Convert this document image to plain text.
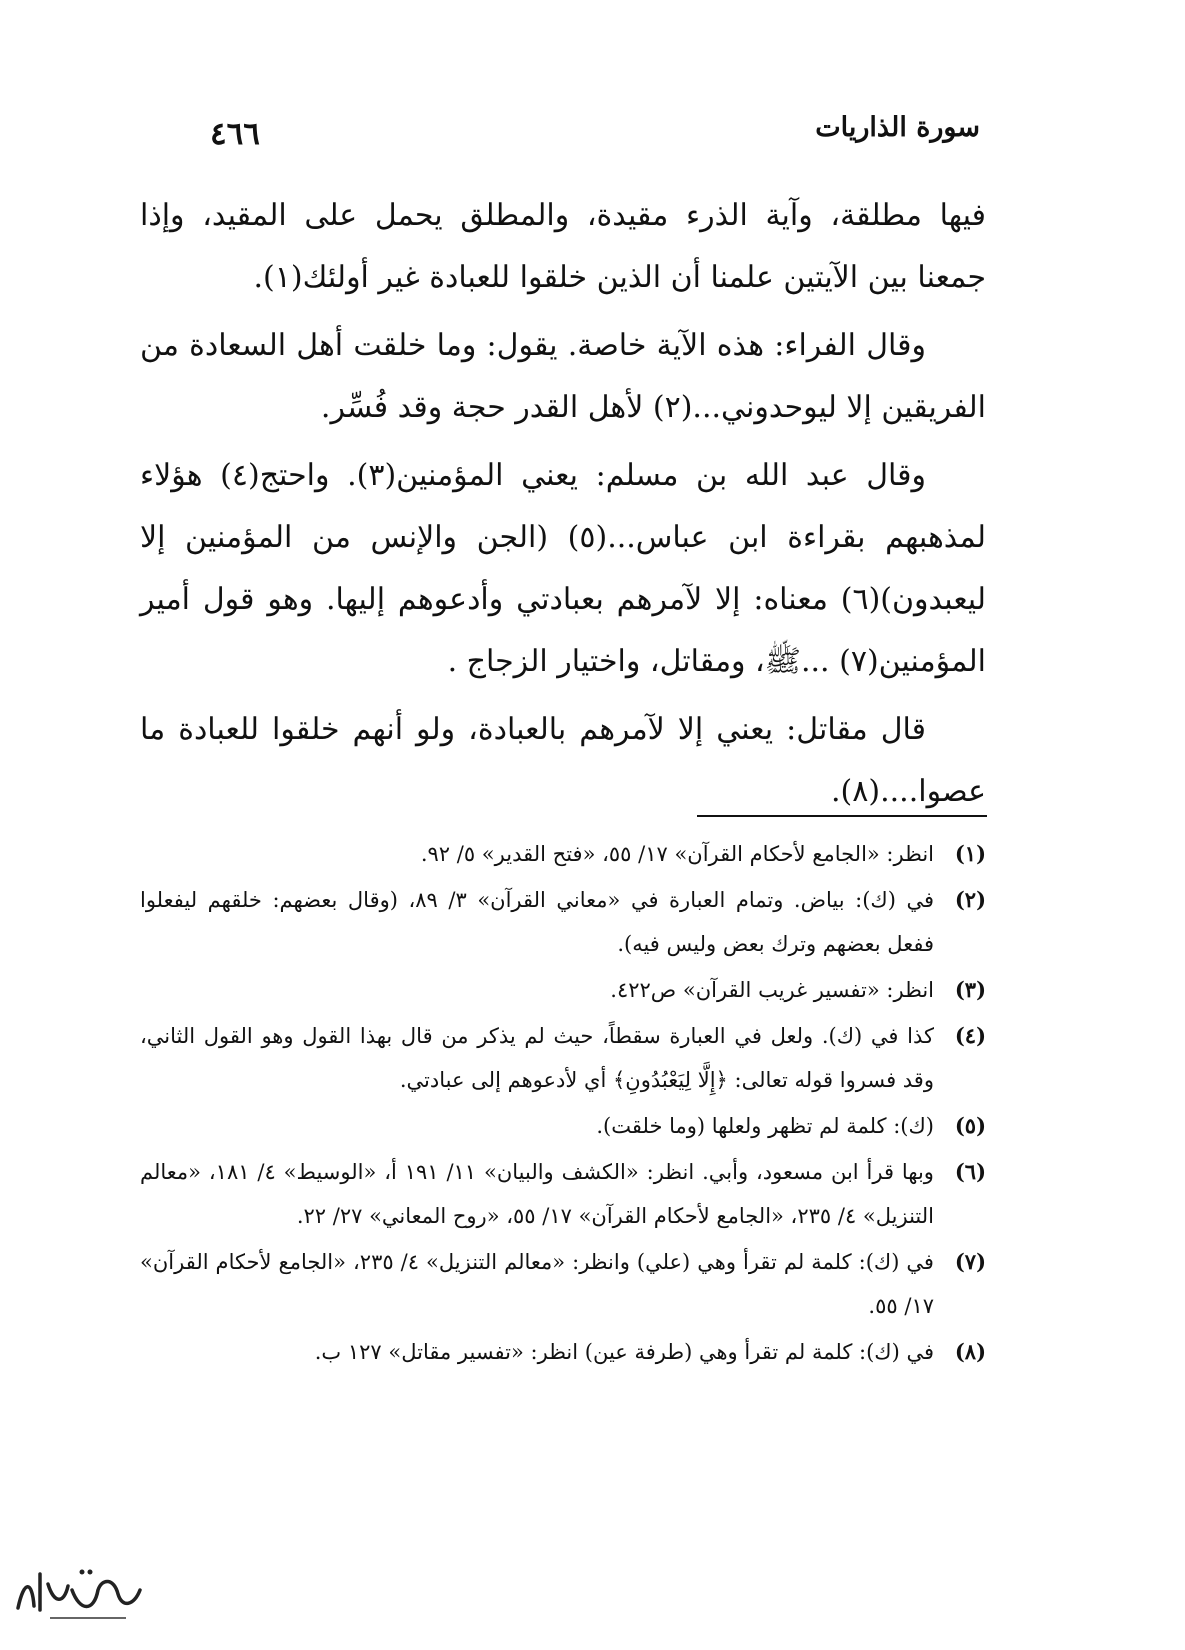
سورة الذاريات
٤٦٦

فيها مطلقة، وآية الذرء مقيدة، والمطلق يحمل على المقيد، وإذا جمعنا بين الآيتين علمنا أن الذين خلقوا للعبادة غير أولئك(١).

وقال الفراء: هذه الآية خاصة. يقول: وما خلقت أهل السعادة من الفريقين إلا ليوحدوني...(٢) لأهل القدر حجة وقد فُسِّر.

وقال عبد الله بن مسلم: يعني المؤمنين(٣). واحتج(٤) هؤلاء لمذهبهم بقراءة ابن عباس...(٥) (الجن والإنس من المؤمنين إلا ليعبدون)(٦) معناه: إلا لآمرهم بعبادتي وأدعوهم إليها. وهو قول أمير المؤمنين(٧) ...ﷺ، ومقاتل، واختيار الزجاج .

قال مقاتل: يعني إلا لآمرهم بالعبادة، ولو أنهم خلقوا للعبادة ما عصوا....(٨).

(١)
انظر: «الجامع لأحكام القرآن» ١٧/ ٥٥، «فتح القدير» ٥/ ٩٢.
(٢)
في (ك): بياض. وتمام العبارة في «معاني القرآن» ٣/ ٨٩، (وقال بعضهم: خلقهم ليفعلوا ففعل بعضهم وترك بعض وليس فيه).
(٣)
انظر: «تفسير غريب القرآن» ص٤٢٢.
(٤)
كذا في (ك). ولعل في العبارة سقطاً، حيث لم يذكر من قال بهذا القول وهو القول الثاني، وقد فسروا قوله تعالى: ﴿إِلَّا لِيَعْبُدُونِ﴾ أي لأدعوهم إلى عبادتي.
(٥)
(ك): كلمة لم تظهر ولعلها (وما خلقت).
(٦)
وبها قرأ ابن مسعود، وأبي. انظر: «الكشف والبيان» ١١/ ١٩١ أ، «الوسيط» ٤/ ١٨١، «معالم التنزيل» ٤/ ٢٣٥، «الجامع لأحكام القرآن» ١٧/ ٥٥، «روح المعاني» ٢٧/ ٢٢.
(٧)
في (ك): كلمة لم تقرأ وهي (علي) وانظر: «معالم التنزيل» ٤/ ٢٣٥، «الجامع لأحكام القرآن» ١٧/ ٥٥.
(٨)
في (ك): كلمة لم تقرأ وهي (طرفة عين) انظر: «تفسير مقاتل» ١٢٧ ب.
